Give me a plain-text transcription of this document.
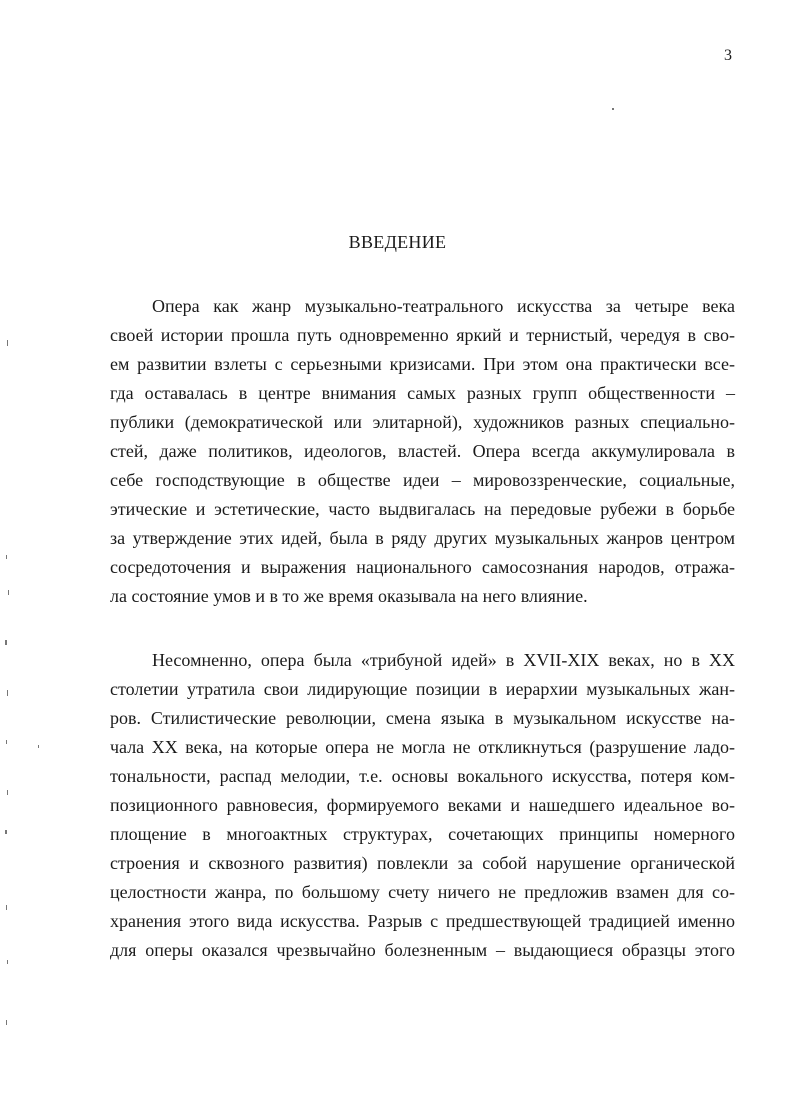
3
ВВЕДЕНИЕ
Опера как жанр музыкально-театрального искусства за четыре века
своей истории прошла путь одновременно яркий и тернистый, чередуя в сво-
ем развитии взлеты с серьезными кризисами. При этом она практически все-
гда оставалась в центре внимания самых разных групп общественности –
публики (демократической или элитарной), художников разных специально-
стей, даже политиков, идеологов, властей. Опера всегда аккумулировала в
себе господствующие в обществе идеи – мировоззренческие, социальные,
этические и эстетические, часто выдвигалась на передовые рубежи в борьбе
за утверждение этих идей, была в ряду других музыкальных жанров центром
сосредоточения и выражения национального самосознания народов, отража-
ла состояние умов и в то же время оказывала на него влияние.
Несомненно, опера была «трибуной идей» в XVII-XIX веках, но в XX
столетии утратила свои лидирующие позиции в иерархии музыкальных жан-
ров. Стилистические революции, смена языка в музыкальном искусстве на-
чала XX века, на которые опера не могла не откликнуться (разрушение ладо-
тональности, распад мелодии, т.е. основы вокального искусства, потеря ком-
позиционного равновесия, формируемого веками и нашедшего идеальное во-
площение в многоактных структурах, сочетающих принципы номерного
строения и сквозного развития) повлекли за собой нарушение органической
целостности жанра, по большому счету ничего не предложив взамен для со-
хранения этого вида искусства. Разрыв с предшествующей традицией именно
для оперы оказался чрезвычайно болезненным – выдающиеся образцы этого
